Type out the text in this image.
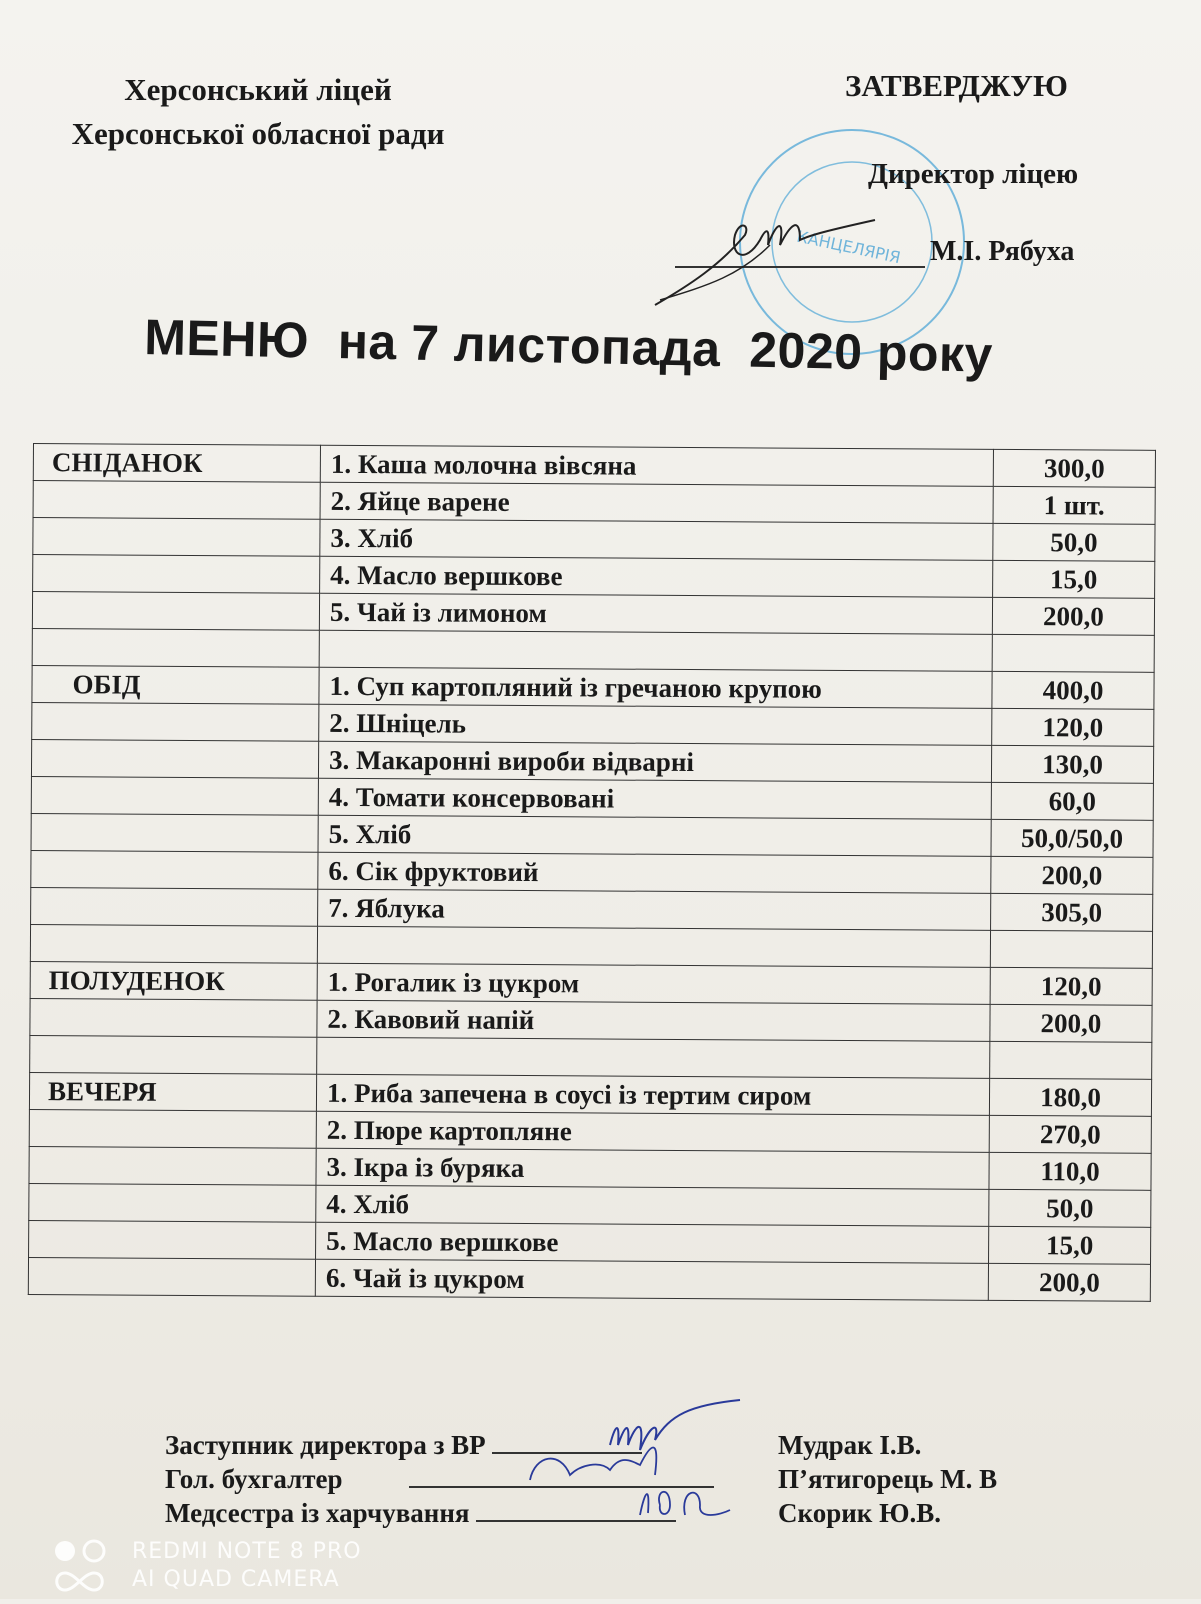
Херсонський ліцей
Херсонської обласної ради
ЗАТВЕРДЖУЮ
КАНЦЕЛЯРІЯ
Директор ліцею
М.І. Рябуха
МЕНЮ  на 7 листопада  2020 року
СНІДАНОК	1. Каша молочна вівсяна	300,0
	2. Яйце варене	1 шт.
	3. Хліб	50,0
	4. Масло вершкове	15,0
	5. Чай із лимоном	200,0

ОБІД	1. Суп картопляний із гречаною крупою	400,0
	2. Шніцель	120,0
	3. Макаронні вироби відварні	130,0
	4. Томати консервовані	60,0
	5. Хліб	50,0/50,0
	6. Сік фруктовий	200,0
	7. Яблука	305,0

ПОЛУДЕНОК	1. Рогалик із цукром	120,0
	2. Кавовий напій	200,0

ВЕЧЕРЯ	1. Риба запечена в соусі із тертим сиром	180,0
	2. Пюре картопляне	270,0
	3. Ікра із буряка	110,0
	4. Хліб	50,0
	5. Масло вершкове	15,0
	6. Чай із цукром	200,0
Заступник директора з ВР
Гол. бухгалтер
Медсестра із харчування
Мудрак І.В.
П’ятигорець М. В
Скорик Ю.В.
REDMI NOTE 8 PRO
AI QUAD CAMERA
